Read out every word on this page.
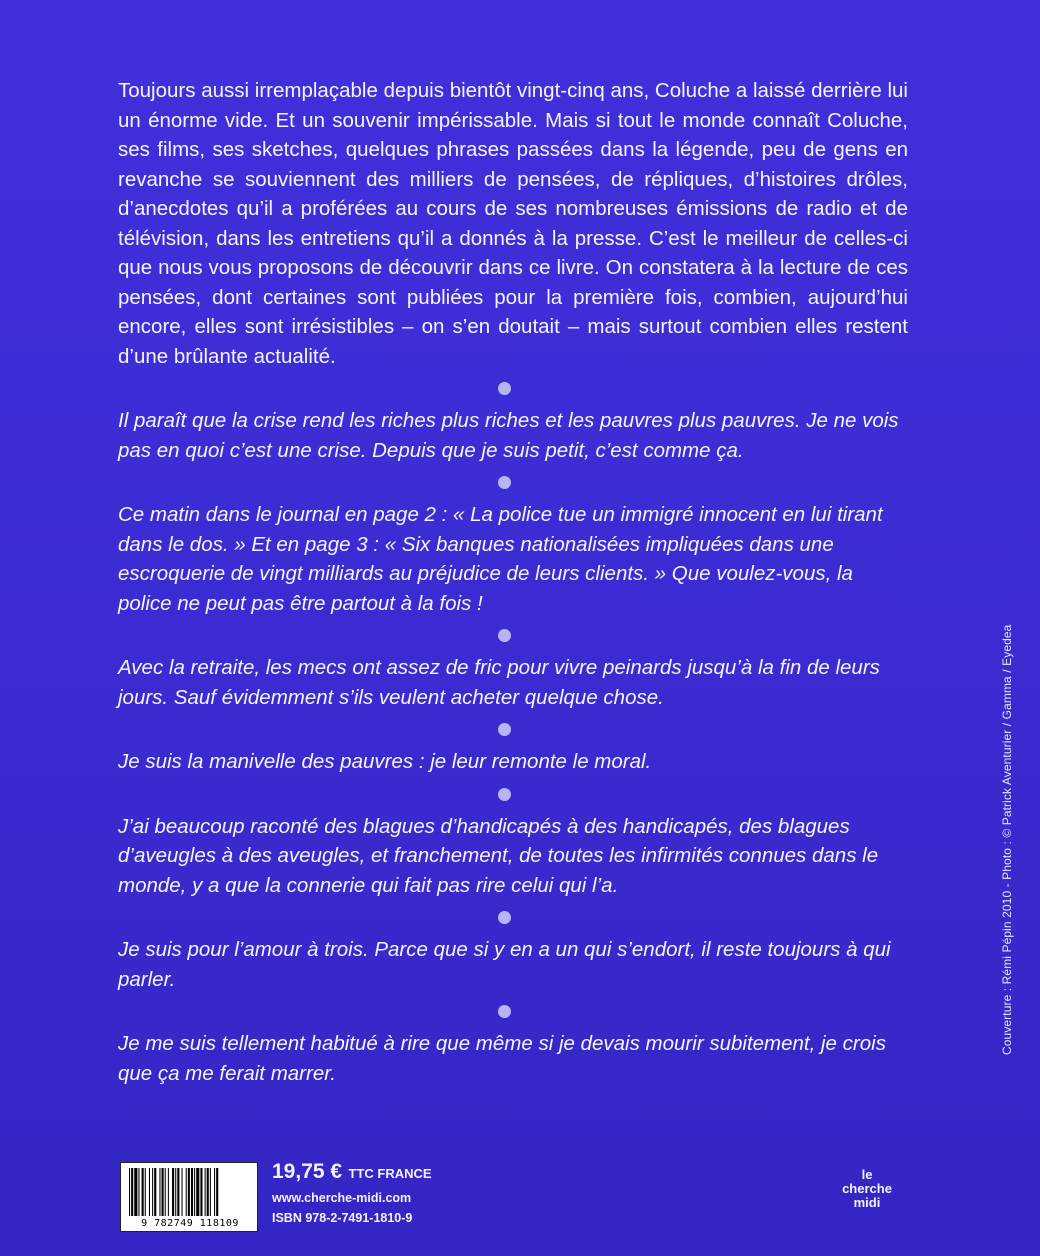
Toujours aussi irremplaçable depuis bientôt vingt-cinq ans, Coluche a laissé derrière lui un énorme vide. Et un souvenir impérissable. Mais si tout le monde connaît Coluche, ses films, ses sketches, quelques phrases passées dans la légende, peu de gens en revanche se souviennent des milliers de pensées, de répliques, d’histoires drôles, d’anecdotes qu’il a proférées au cours de ses nombreuses émissions de radio et de télévision, dans les entretiens qu’il a donnés à la presse. C’est le meilleur de celles-ci que nous vous proposons de découvrir dans ce livre. On constatera à la lecture de ces pensées, dont certaines sont publiées pour la première fois, combien, aujourd’hui encore, elles sont irrésistibles – on s’en doutait – mais surtout combien elles restent d’une brûlante actualité.

Il paraît que la crise rend les riches plus riches et les pauvres plus pauvres. Je ne vois pas en quoi c’est une crise. Depuis que je suis petit, c’est comme ça.

Ce matin dans le journal en page 2 : « La police tue un immigré innocent en lui tirant dans le dos. » Et en page 3 : « Six banques nationalisées impliquées dans une escroquerie de vingt milliards au préjudice de leurs clients. » Que voulez-vous, la police ne peut pas être partout à la fois !

Avec la retraite, les mecs ont assez de fric pour vivre peinards jusqu’à la fin de leurs jours. Sauf évidemment s’ils veulent acheter quelque chose.

Je suis la manivelle des pauvres : je leur remonte le moral.

J’ai beaucoup raconté des blagues d’handicapés à des handicapés, des blagues d’aveugles à des aveugles, et franchement, de toutes les infirmités connues dans le monde, y a que la connerie qui fait pas rire celui qui l’a.

Je suis pour l’amour à trois. Parce que si y en a un qui s’endort, il reste toujours à qui parler.

Je me suis tellement habitué à rire que même si je devais mourir subitement, je crois que ça me ferait marrer.

Couverture : Rémi Pépin 2010 - Photo : © Patrick Aventurier / Gamma / Eyedea
9 782749 118109
19,75 € TTC FRANCE
www.cherche-midi.com
ISBN 978-2-7491-1810-9
le
cherche
midi
